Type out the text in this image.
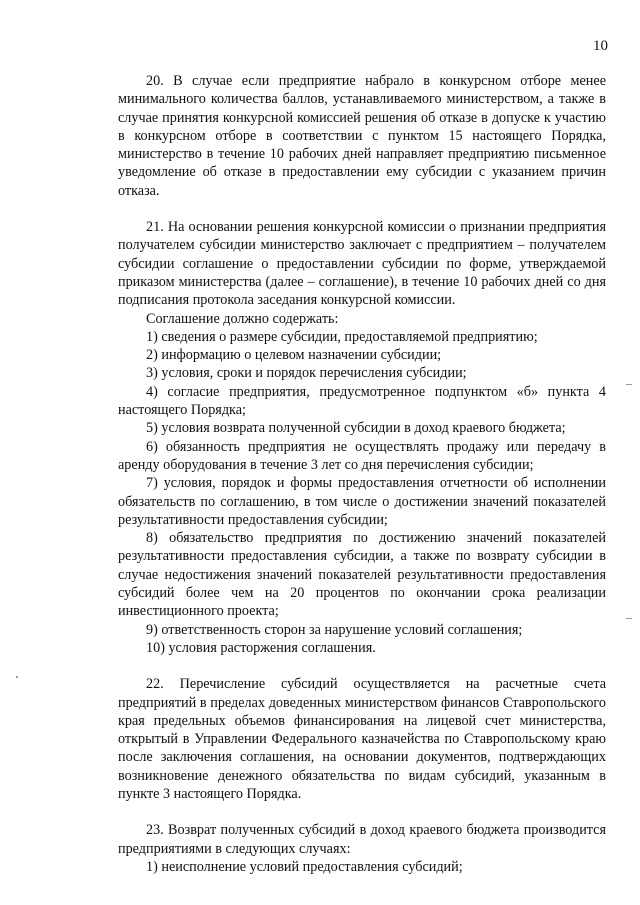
10

20. В случае если предприятие набрало в конкурсном отборе менее минимального количества баллов, устанавливаемого министерством, а также в случае принятия конкурсной комиссией решения об отказе в допуске к участию в конкурсном отборе в соответствии с пунктом 15 настоящего Порядка, министерство в течение 10 рабочих дней направляет предприятию письменное уведомление об отказе в предоставлении ему субсидии с указанием причин отказа.

21. На основании решения конкурсной комиссии о признании предприятия получателем субсидии министерство заключает с предприятием – получателем субсидии соглашение о предоставлении субсидии по форме, утверждаемой приказом министерства (далее – соглашение), в течение 10 рабочих дней со дня подписания протокола заседания конкурсной комиссии.

Соглашение должно содержать:

1) сведения о размере субсидии, предоставляемой предприятию;

2) информацию о целевом назначении субсидии;

3) условия, сроки и порядок перечисления субсидии;

4) согласие предприятия, предусмотренное подпунктом «б» пункта 4 настоящего Порядка;

5) условия возврата полученной субсидии в доход краевого бюджета;

6) обязанность предприятия не осуществлять продажу или передачу в аренду оборудования в течение 3 лет со дня перечисления субсидии;

7) условия, порядок и формы предоставления отчетности об исполнении обязательств по соглашению, в том числе о достижении значений показателей результативности предоставления субсидии;

8) обязательство предприятия по достижению значений показателей результативности предоставления субсидии, а также по возврату субсидии в случае недостижения значений показателей результативности предоставления субсидий более чем на 20 процентов по окончании срока реализации инвестиционного проекта;

9) ответственность сторон за нарушение условий соглашения;

10) условия расторжения соглашения.

22. Перечисление субсидий осуществляется на расчетные счета предприятий в пределах доведенных министерством финансов Ставропольского края предельных объемов финансирования на лицевой счет министерства, открытый в Управлении Федерального казначейства по Ставропольскому краю после заключения соглашения, на основании документов, подтверждающих возникновение денежного обязательства по видам субсидий, указанным в пункте 3 настоящего Порядка.

23. Возврат полученных субсидий в доход краевого бюджета производится предприятиями в следующих случаях:

1) неисполнение условий предоставления субсидий;
